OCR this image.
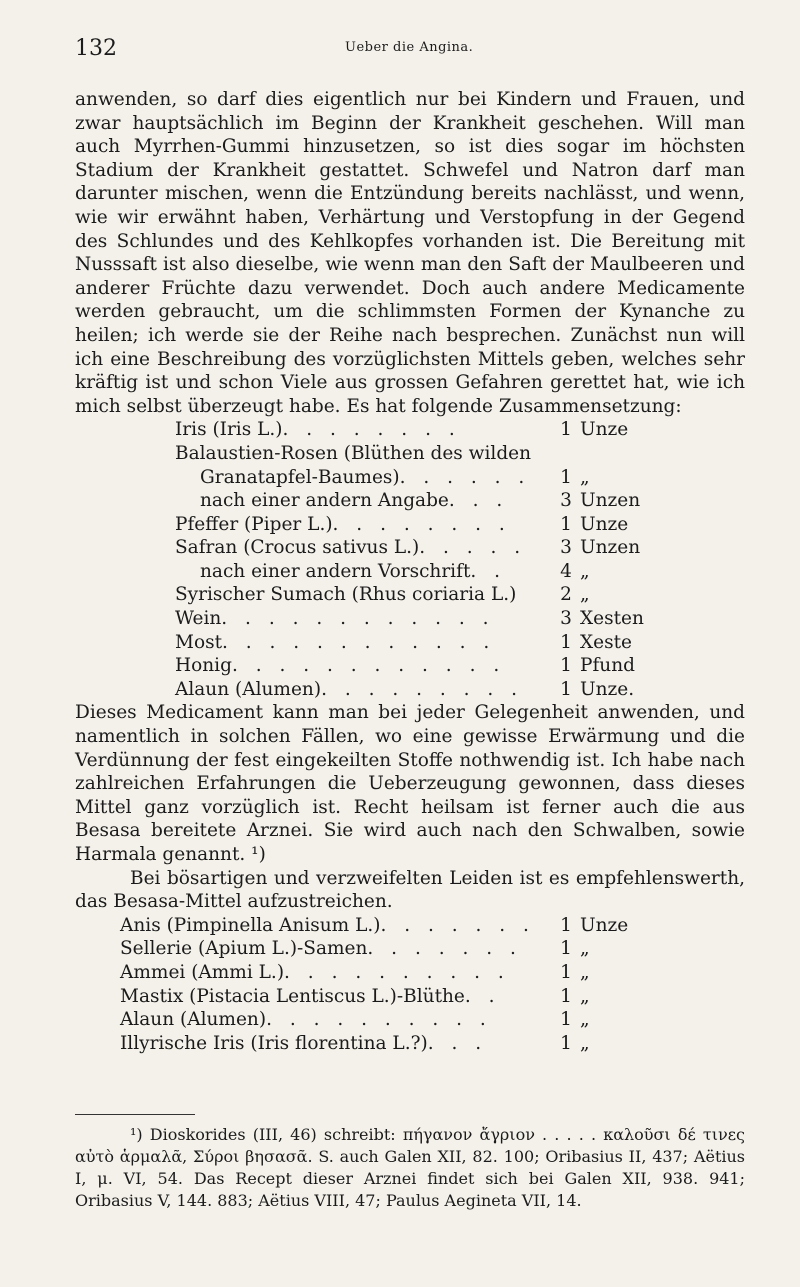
132	Ueber die Angina.

anwenden, so darf dies eigentlich nur bei Kindern und Frauen, und zwar hauptsächlich im Beginn der Krankheit geschehen. Will man auch Myrrhen-Gummi hinzusetzen, so ist dies sogar im höchsten Stadium der Krankheit gestattet. Schwefel und Natron darf man darunter mischen, wenn die Entzündung bereits nachlässt, und wenn, wie wir erwähnt haben, Verhärtung und Verstopfung in der Gegend des Schlundes und des Kehlkopfes vorhanden ist. Die Bereitung mit Nusssaft ist also dieselbe, wie wenn man den Saft der Maulbeeren und anderer Früchte dazu verwendet. Doch auch andere Medicamente werden gebraucht, um die schlimmsten Formen der Kynanche zu heilen; ich werde sie der Reihe nach besprechen. Zunächst nun will ich eine Beschreibung des vorzüglichsten Mittels geben, welches sehr kräftig ist und schon Viele aus grossen Gefahren gerettet hat, wie ich mich selbst überzeugt habe. Es hat folgende Zusammensetzung:

Iris (Iris L.) . . . . . . . .	1 Unze
Balaustien-Rosen (Blüthen des wilden
Granatapfel-Baumes) . . . . . .	1 „
nach einer andern Angabe . . .	3 Unzen
Pfeffer (Piper L.) . . . . . . . .	1 Unze
Safran (Crocus sativus L.) . . . . .	3 Unzen
nach einer andern Vorschrift . .	4 „
Syrischer Sumach (Rhus coriaria L.)	2 „
Wein . . . . . . . . . . . .	3 Xesten
Most . . . . . . . . . . . .	1 Xeste
Honig . . . . . . . . . . . .	1 Pfund
Alaun (Alumen) . . . . . . . . .	1 Unze.

Dieses Medicament kann man bei jeder Gelegenheit anwenden, und namentlich in solchen Fällen, wo eine gewisse Erwärmung und die Verdünnung der fest eingekeilten Stoffe nothwendig ist. Ich habe nach zahlreichen Erfahrungen die Ueberzeugung gewonnen, dass dieses Mittel ganz vorzüglich ist. Recht heilsam ist ferner auch die aus Besasa bereitete Arznei. Sie wird auch nach den Schwalben, sowie Harmala genannt. ¹)

Bei bösartigen und verzweifelten Leiden ist es empfehlenswerth, das Besasa-Mittel aufzustreichen.

Anis (Pimpinella Anisum L.) . . . . . . .	1 Unze
Sellerie (Apium L.)-Samen . . . . . . .	1 „
Ammei (Ammi L.) . . . . . . . . . .	1 „
Mastix (Pistacia Lentiscus L.)-Blüthe . .	1 „
Alaun (Alumen) . . . . . . . . . .	1 „
Illyrische Iris (Iris florentina L.?) . . .	1 „

¹) Dioskorides (III, 46) schreibt: πήγανον ἄγριον . . . . . καλοῦσι δέ τινες αὐτὸ ἁρμαλᾶ, Σύροι βησασᾶ. S. auch Galen XII, 82. 100; Oribasius II, 437; Aëtius I, μ. VI, 54. Das Recept dieser Arznei findet sich bei Galen XII, 938. 941; Oribasius V, 144. 883; Aëtius VIII, 47; Paulus Aegineta VII, 14.
